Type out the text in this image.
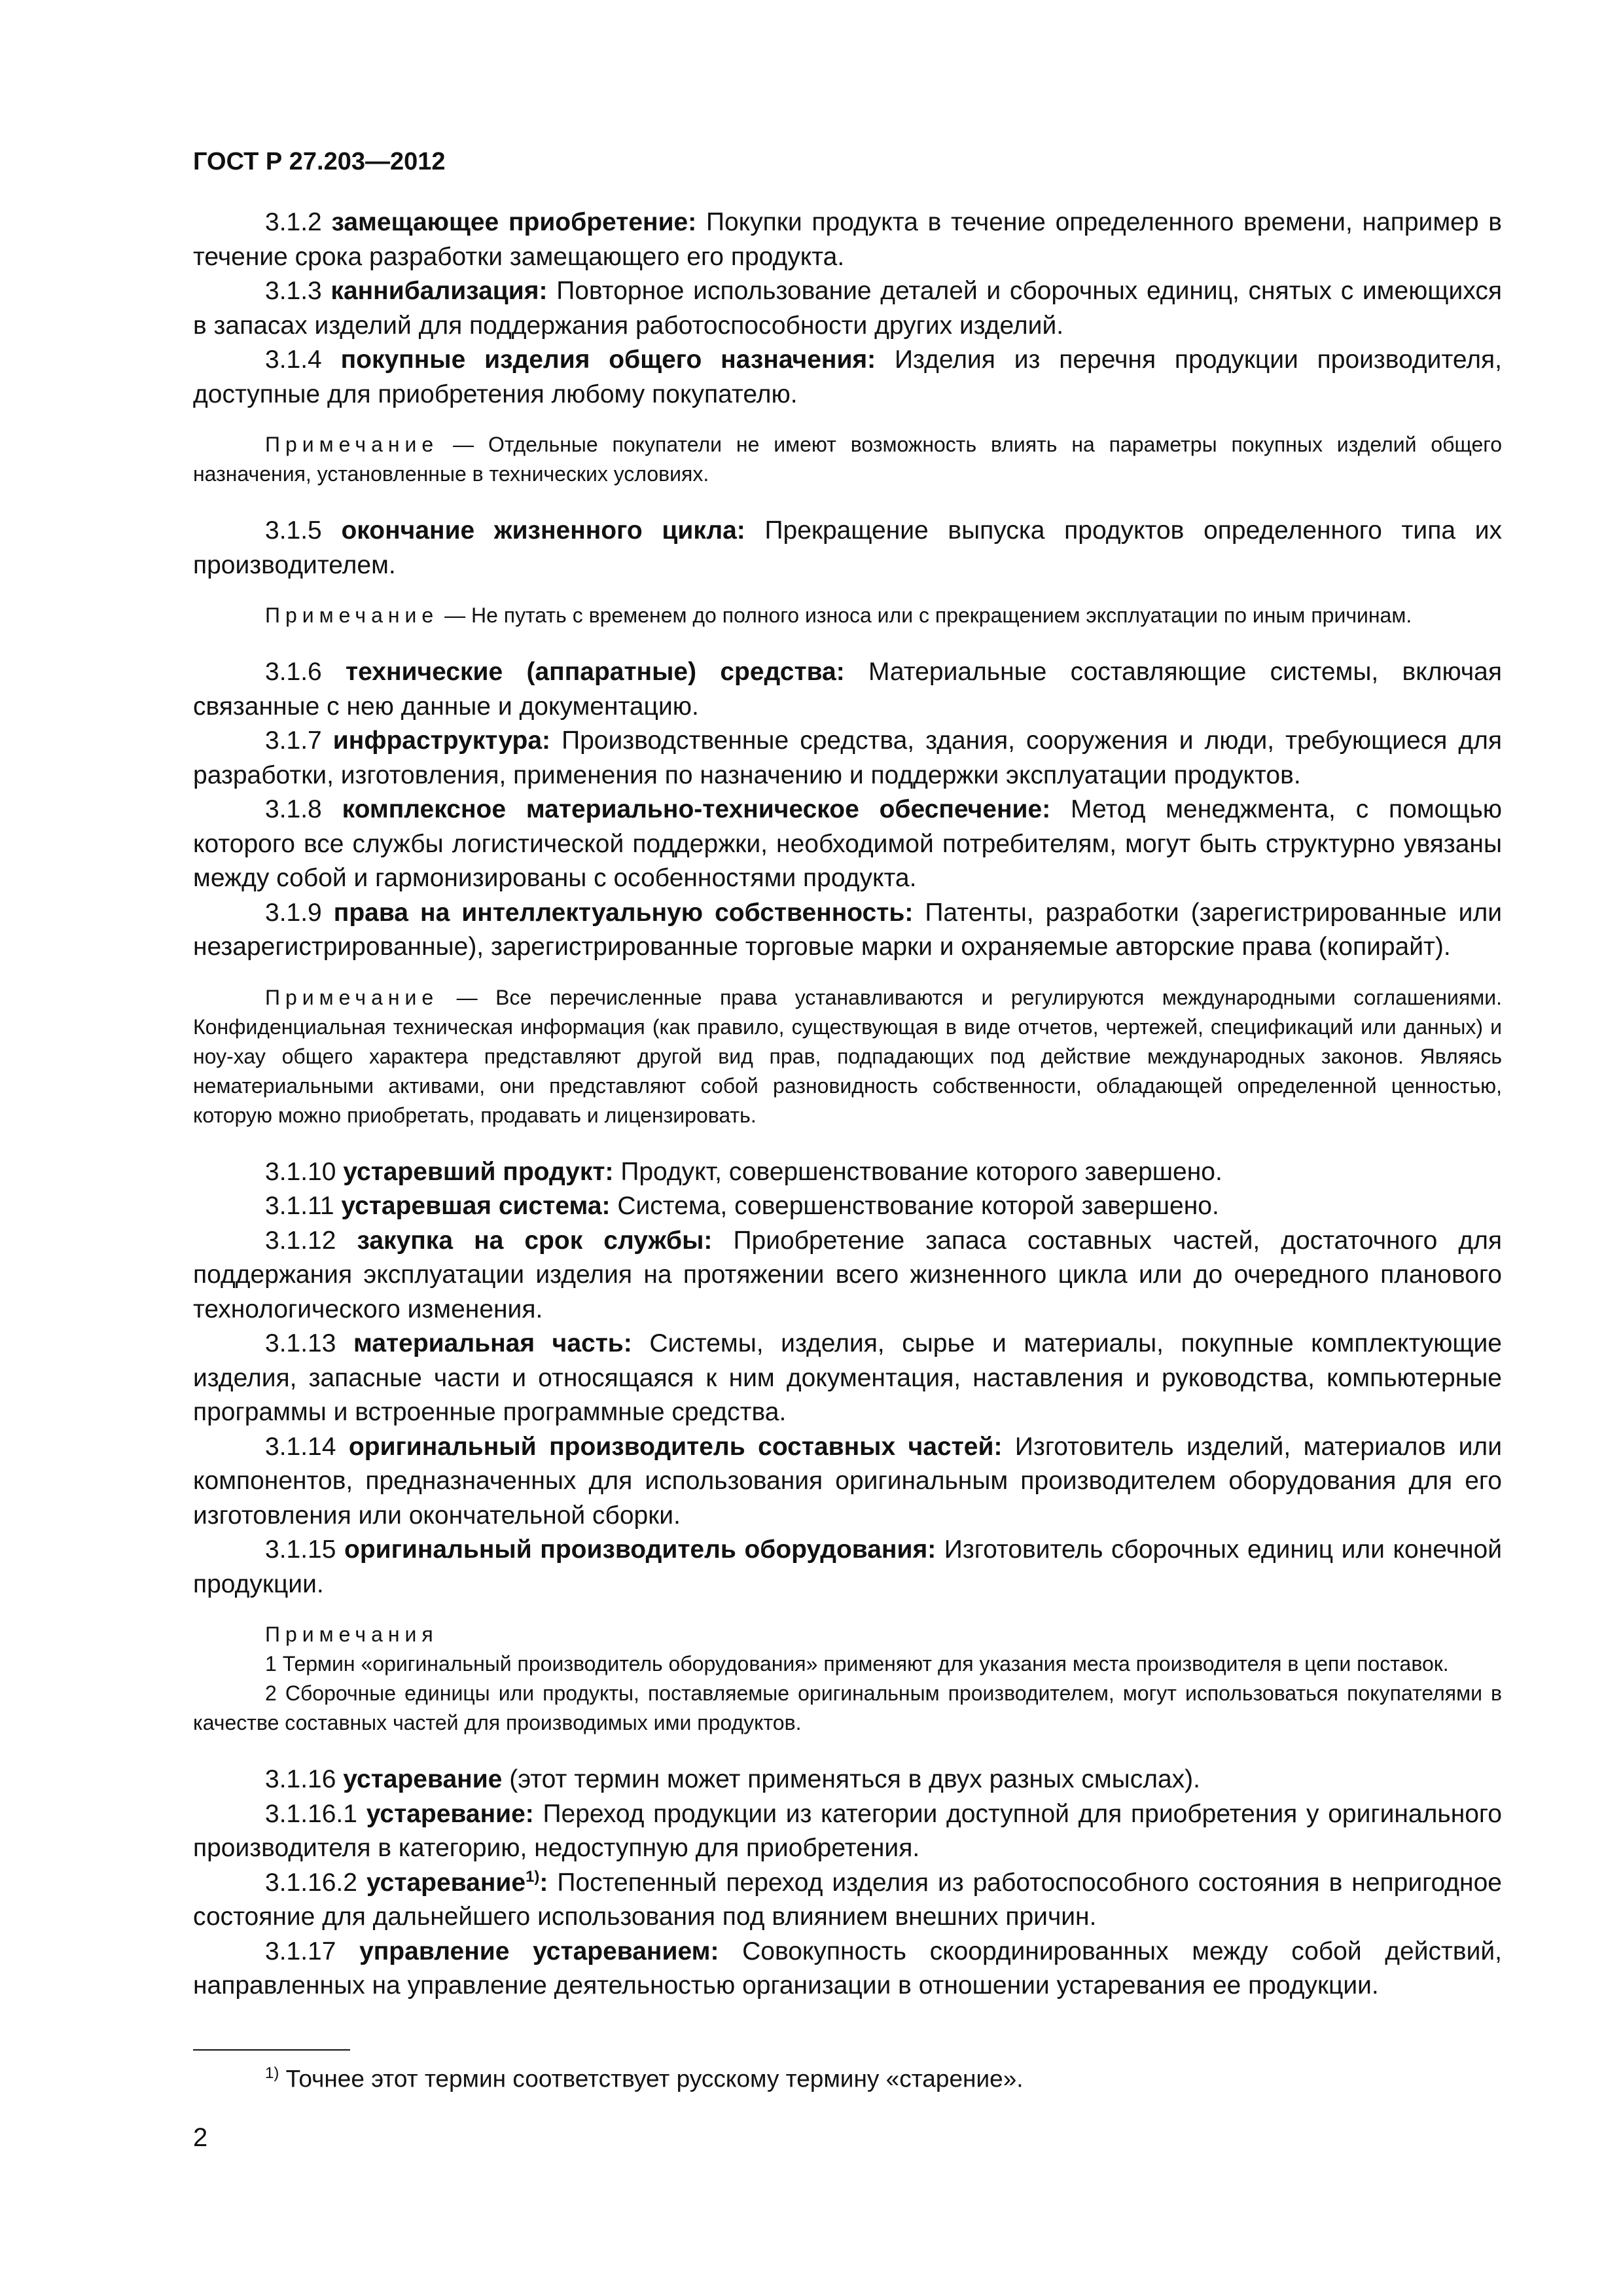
ГОСТ Р 27.203—2012

3.1.2 замещающее приобретение: Покупки продукта в течение определенного времени, например в течение срока разработки замещающего его продукта.

3.1.3 каннибализация: Повторное использование деталей и сборочных единиц, снятых с имеющихся в запасах изделий для поддержания работоспособности других изделий.

3.1.4 покупные изделия общего назначения: Изделия из перечня продукции производителя, доступные для приобретения любому покупателю.

Примечание — Отдельные покупатели не имеют возможность влиять на параметры покупных изделий общего назначения, установленные в технических условиях.

3.1.5 окончание жизненного цикла: Прекращение выпуска продуктов определенного типа их производителем.

Примечание — Не путать с временем до полного износа или с прекращением эксплуатации по иным причинам.

3.1.6 технические (аппаратные) средства: Материальные составляющие системы, включая связанные с нею данные и документацию.

3.1.7 инфраструктура: Производственные средства, здания, сооружения и люди, требующиеся для разработки, изготовления, применения по назначению и поддержки эксплуатации продуктов.

3.1.8 комплексное материально-техническое обеспечение: Метод менеджмента, с помощью которого все службы логистической поддержки, необходимой потребителям, могут быть структурно увязаны между собой и гармонизированы с особенностями продукта.

3.1.9 права на интеллектуальную собственность: Патенты, разработки (зарегистрированные или незарегистрированные), зарегистрированные торговые марки и охраняемые авторские права (копирайт).

Примечание — Все перечисленные права устанавливаются и регулируются международными соглашениями. Конфиденциальная техническая информация (как правило, существующая в виде отчетов, чертежей, спецификаций или данных) и ноу-хау общего характера представляют другой вид прав, подпадающих под действие международных законов. Являясь нематериальными активами, они представляют собой разновидность собственности, обладающей определенной ценностью, которую можно приобретать, продавать и лицензировать.

3.1.10 устаревший продукт: Продукт, совершенствование которого завершено.

3.1.11 устаревшая система: Система, совершенствование которой завершено.

3.1.12 закупка на срок службы: Приобретение запаса составных частей, достаточного для поддержания эксплуатации изделия на протяжении всего жизненного цикла или до очередного планового технологического изменения.

3.1.13 материальная часть: Системы, изделия, сырье и материалы, покупные комплектующие изделия, запасные части и относящаяся к ним документация, наставления и руководства, компьютерные программы и встроенные программные средства.

3.1.14 оригинальный производитель составных частей: Изготовитель изделий, материалов или компонентов, предназначенных для использования оригинальным производителем оборудования для его изготовления или окончательной сборки.

3.1.15 оригинальный производитель оборудования: Изготовитель сборочных единиц или конечной продукции.

Примечания

1 Термин «оригинальный производитель оборудования» применяют для указания места производителя в цепи поставок.

2 Сборочные единицы или продукты, поставляемые оригинальным производителем, могут использоваться покупателями в качестве составных частей для производимых ими продуктов.

3.1.16 устаревание (этот термин может применяться в двух разных смыслах).

3.1.16.1 устаревание: Переход продукции из категории доступной для приобретения у оригинального производителя в категорию, недоступную для приобретения.

3.1.16.2 устаревание$^{1)}$: Постепенный переход изделия из работоспособного состояния в непригодное состояние для дальнейшего использования под влиянием внешних причин.

3.1.17 управление устареванием: Совокупность скоординированных между собой действий, направленных на управление деятельностью организации в отношении устаревания ее продукции.

$^{1)}$ Точнее этот термин соответствует русскому термину «старение».

2
